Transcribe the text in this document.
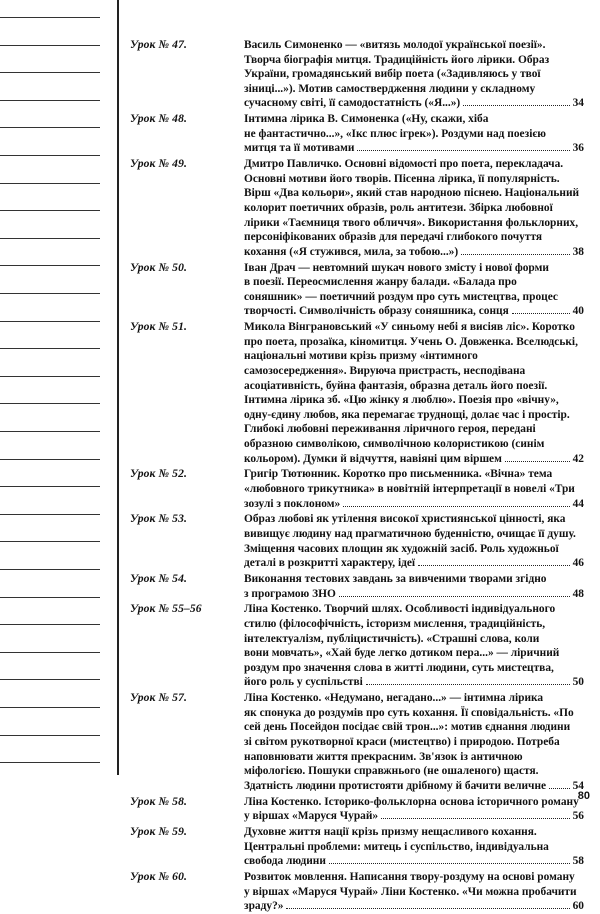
Урок № 47.	Василь Симоненко — «витязь молодої української поезії».
Творча біографія митця. Традиційність його лірики. Образ
України, громадянський вибір поета («Задивляюсь у твої
зіниці...»). Мотив самоствердження людини у складному
сучасному світі, її самодостатність («Я...»)	34
Урок № 48.	Інтимна лірика В. Симоненка («Ну, скажи, хіба
не фантастично...», «Ікс плюс ігрек»). Роздуми над поезією
митця та її мотивами	36
Урок № 49.	Дмитро Павличко. Основні відомості про поета, перекладача.
Основні мотиви його творів. Пісенна лірика, її популярність.
Вірш «Два кольори», який став народною піснею. Національний
колорит поетичних образів, роль антитези. Збірка любовної
лірики «Таємниця твого обличчя». Використання фольклорних,
персоніфікованих образів для передачі глибокого почуття
кохання («Я стужився, мила, за тобою...»)	38
Урок № 50.	Іван Драч — невтомний шукач нового змісту і нової форми
в поезії. Переосмислення жанру балади. «Балада про
соняшник» — поетичний роздум про суть мистецтва, процес
творчості. Символічність образу соняшника, сонця	40
Урок № 51.	Микола Вінграновський «У синьому небі я висіяв ліс». Коротко
про поета, прозаїка, кіномитця. Учень О. Довженка. Вселюдські,
національні мотиви крізь призму «інтимного
самозосередження». Вируюча пристрасть, несподівана
асоціативність, буйна фантазія, образна деталь його поезії.
Інтимна лірика зб. «Цю жінку я люблю». Поезія про «вічну»,
одну-єдину любов, яка перемагає труднощі, долає час і простір.
Глибокі любовні переживання ліричного героя, передані
образною символікою, символічною колористикою (синім
кольором). Думки й відчуття, навіяні цим віршем	42
Урок № 52.	Григір Тютюнник. Коротко про письменника. «Вічна» тема
«любовного трикутника» в новітній інтерпретації в новелі «Три
зозулі з поклоном»	44
Урок № 53.	Образ любові як утілення високої християнської цінності, яка
вивищує людину над прагматичною буденністю, очищає її душу.
Зміщення часових площин як художній засіб. Роль художньої
деталі в розкритті характеру, ідеї	46
Урок № 54.	Виконання тестових завдань за вивченими творами згідно
з програмою ЗНО	48
Урок № 55–56	Ліна Костенко. Творчий шлях. Особливості індивідуального
стилю (філософічність, історизм мислення, традиційність,
інтелектуалізм, публіцистичність). «Страшні слова, коли
вони мовчать», «Хай буде легко дотиком пера...» — ліричний
роздум про значення слова в житті людини, суть мистецтва,
його роль у суспільстві	50
Урок № 57.	Ліна Костенко. «Недумано, негадано...» — інтимна лірика
як спонука до роздумів про суть кохання. Її сповідальність. «По
сей день Посейдон посідає свій трон...»: мотив єднання людини
зі світом рукотворної краси (мистецтво) і природою. Потреба
наповнювати життя прекрасним. Зв'язок із античною
міфологією. Пошуки справжнього (не ошаленого) щастя.
Здатність людини протистояти дрібному й бачити величне 54
Урок № 58.	Ліна Костенко. Історико-фольклорна основа історичного роману
у віршах «Маруся Чурай»	56
Урок № 59.	Духовне життя нації крізь призму нещасливого кохання.
Центральні проблеми: митець і суспільство, індивідуальна
свобода людини	58
Урок № 60.	Розвиток мовлення. Написання твору-роздуму на основі роману
у віршах «Маруся Чурай» Ліни Костенко. «Чи можна пробачити
зраду?»	60
80
